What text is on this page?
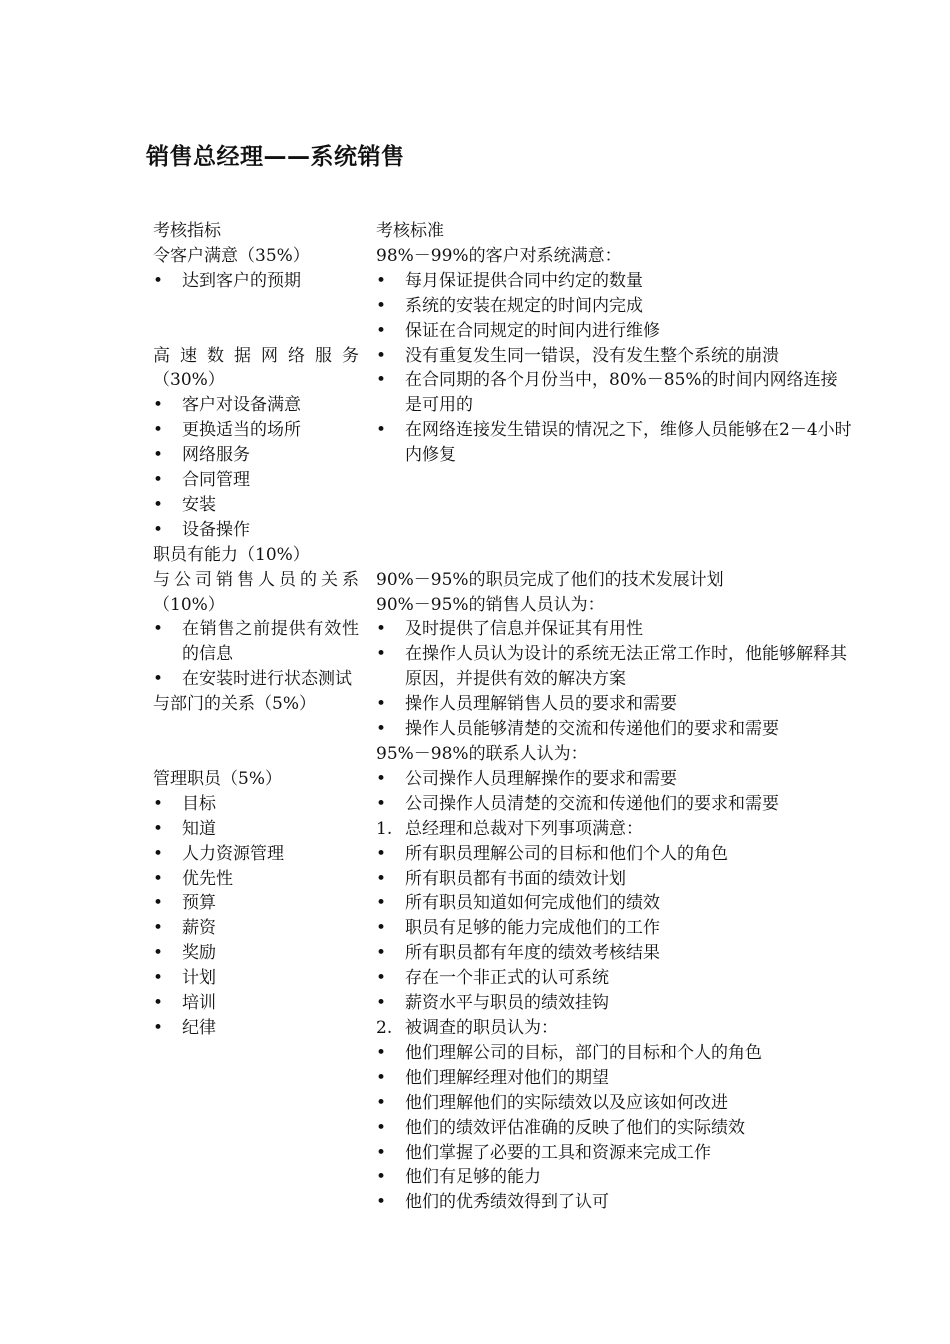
销售总经理——系统销售
考核指标
令客户满意（35%）
• 达到客户的预期
高速数据网络服务
（30%）
• 客户对设备满意
• 更换适当的场所
• 网络服务
• 合同管理
• 安装
• 设备操作
职员有能力（10%）
与公司销售人员的关系
（10%）
• 在销售之前提供有效性的信息
• 在安装时进行状态测试
与部门的关系（5%）
管理职员（5%）
• 目标
• 知道
• 人力资源管理
• 优先性
• 预算
• 薪资
• 奖励
• 计划
• 培训
• 纪律
考核标准
98%－99%的客户对系统满意：
• 每月保证提供合同中约定的数量
• 系统的安装在规定的时间内完成
• 保证在合同规定的时间内进行维修
• 没有重复发生同一错误，没有发生整个系统的崩溃
• 在合同期的各个月份当中，80%－85%的时间内网络连接是可用的
• 在网络连接发生错误的情况之下，维修人员能够在2－4小时内修复
90%－95%的职员完成了他们的技术发展计划
90%－95%的销售人员认为：
• 及时提供了信息并保证其有用性
• 在操作人员认为设计的系统无法正常工作时，他能够解释其原因，并提供有效的解决方案
• 操作人员理解销售人员的要求和需要
• 操作人员能够清楚的交流和传递他们的要求和需要
95%－98%的联系人认为：
• 公司操作人员理解操作的要求和需要
• 公司操作人员清楚的交流和传递他们的要求和需要
1. 总经理和总裁对下列事项满意：
• 所有职员理解公司的目标和他们个人的角色
• 所有职员都有书面的绩效计划
• 所有职员知道如何完成他们的绩效
• 职员有足够的能力完成他们的工作
• 所有职员都有年度的绩效考核结果
• 存在一个非正式的认可系统
• 薪资水平与职员的绩效挂钩
2. 被调查的职员认为：
• 他们理解公司的目标，部门的目标和个人的角色
• 他们理解经理对他们的期望
• 他们理解他们的实际绩效以及应该如何改进
• 他们的绩效评估准确的反映了他们的实际绩效
• 他们掌握了必要的工具和资源来完成工作
• 他们有足够的能力
• 他们的优秀绩效得到了认可
